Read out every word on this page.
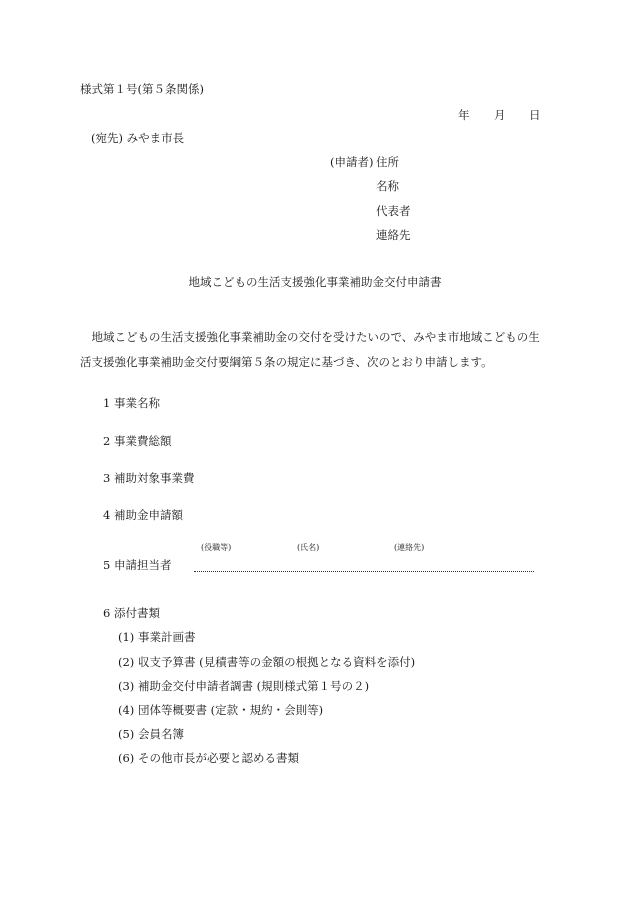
様式第１号(第５条関係)
年 月 日
(宛先) みやま市長
(申請者) 住所
名称
代表者
連絡先
地域こどもの生活支援強化事業補助金交付申請書
地域こどもの生活支援強化事業補助金の交付を受けたいので、みやま市地域こどもの生
活支援強化事業補助金交付要綱第５条の規定に基づき、次のとおり申請します。
1 事業名称
2 事業費総額
3 補助対象事業費
4 補助金申請額
(役職等)	(氏名)	(連絡先)
5 申請担当者
6 添付書類
(1) 事業計画書
(2) 収支予算書 (見積書等の金額の根拠となる資料を添付)
(3) 補助金交付申請者調書 (規則様式第１号の２)
(4) 団体等概要書 (定款・規約・会則等)
(5) 会員名簿
(6) その他市長が必要と認める書類
